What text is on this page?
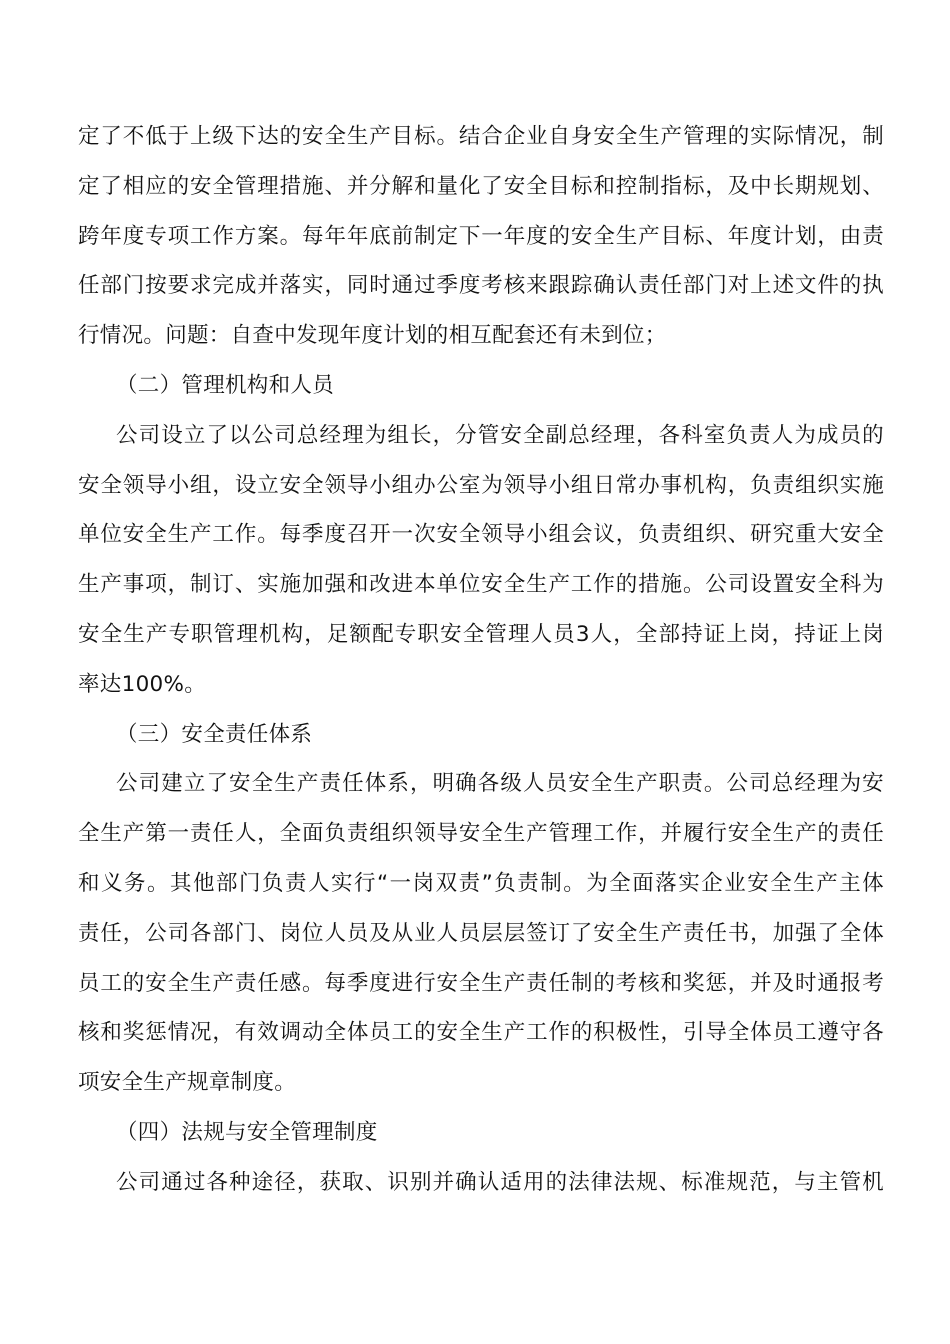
定了不低于上级下达的安全生产目标。结合企业自身安全生产管理的实际情况，制
定了相应的安全管理措施、并分解和量化了安全目标和控制指标，及中长期规划、
跨年度专项工作方案。每年年底前制定下一年度的安全生产目标、年度计划，由责
任部门按要求完成并落实，同时通过季度考核来跟踪确认责任部门对上述文件的执
行情况。问题：自查中发现年度计划的相互配套还有未到位；
（二）管理机构和人员
公司设立了以公司总经理为组长，分管安全副总经理，各科室负责人为成员的
安全领导小组，设立安全领导小组办公室为领导小组日常办事机构，负责组织实施
单位安全生产工作。每季度召开一次安全领导小组会议，负责组织、研究重大安全
生产事项，制订、实施加强和改进本单位安全生产工作的措施。公司设置安全科为
安全生产专职管理机构，足额配专职安全管理人员3人，全部持证上岗，持证上岗
率达100%。
（三）安全责任体系
公司建立了安全生产责任体系，明确各级人员安全生产职责。公司总经理为安
全生产第一责任人，全面负责组织领导安全生产管理工作，并履行安全生产的责任
和义务。其他部门负责人实行“一岗双责”负责制。为全面落实企业安全生产主体
责任，公司各部门、岗位人员及从业人员层层签订了安全生产责任书，加强了全体
员工的安全生产责任感。每季度进行安全生产责任制的考核和奖惩，并及时通报考
核和奖惩情况，有效调动全体员工的安全生产工作的积极性，引导全体员工遵守各
项安全生产规章制度。
（四）法规与安全管理制度
公司通过各种途径，获取、识别并确认适用的法律法规、标准规范，与主管机
